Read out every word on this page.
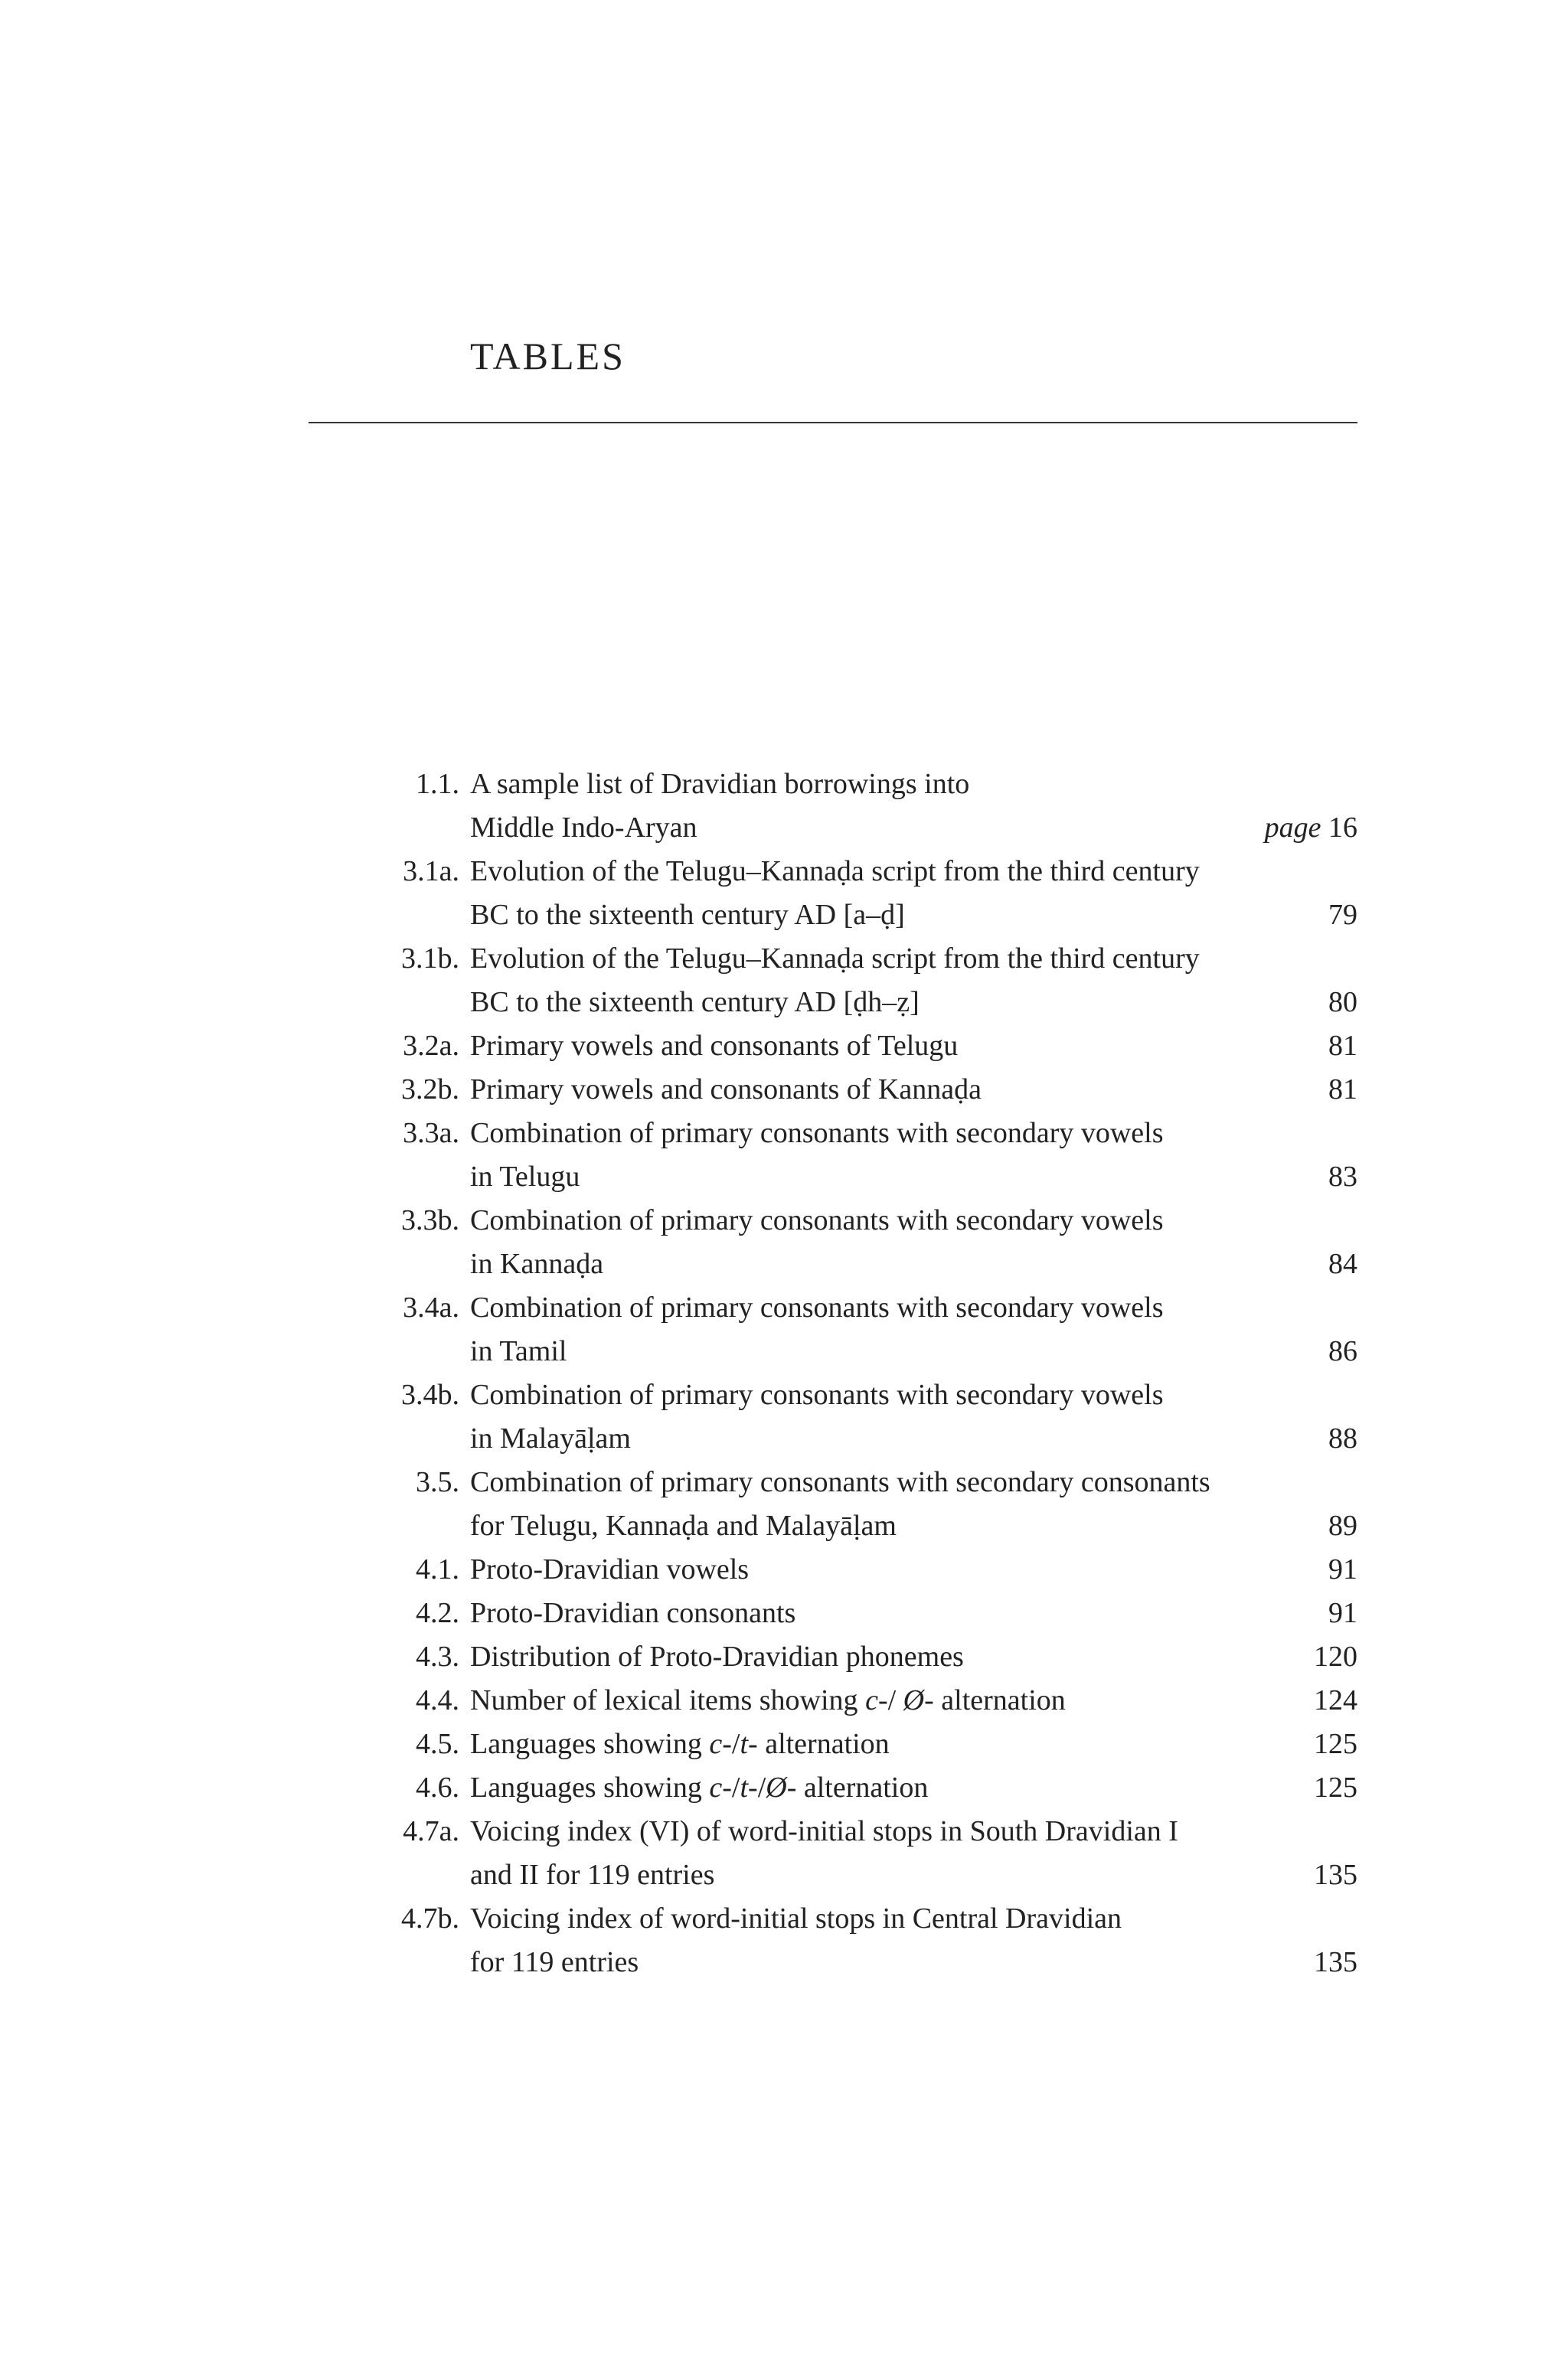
TABLES
1.1. A sample list of Dravidian borrowings into
Middle Indo-Aryan	page 16
3.1a. Evolution of the Telugu–Kannaḍa script from the third century
BC to the sixteenth century AD [a–ḍ]	79
3.1b. Evolution of the Telugu–Kannaḍa script from the third century
BC to the sixteenth century AD [ḍh–ẓ]	80
3.2a. Primary vowels and consonants of Telugu	81
3.2b. Primary vowels and consonants of Kannaḍa	81
3.3a. Combination of primary consonants with secondary vowels
in Telugu	83
3.3b. Combination of primary consonants with secondary vowels
in Kannaḍa	84
3.4a. Combination of primary consonants with secondary vowels
in Tamil	86
3.4b. Combination of primary consonants with secondary vowels
in Malayāḷam	88
3.5. Combination of primary consonants with secondary consonants
for Telugu, Kannaḍa and Malayāḷam	89
4.1. Proto-Dravidian vowels	91
4.2. Proto-Dravidian consonants	91
4.3. Distribution of Proto-Dravidian phonemes	120
4.4. Number of lexical items showing c-/ Ø- alternation	124
4.5. Languages showing c-/t- alternation	125
4.6. Languages showing c-/t-/Ø- alternation	125
4.7a. Voicing index (VI) of word-initial stops in South Dravidian I
and II for 119 entries	135
4.7b. Voicing index of word-initial stops in Central Dravidian
for 119 entries	135
